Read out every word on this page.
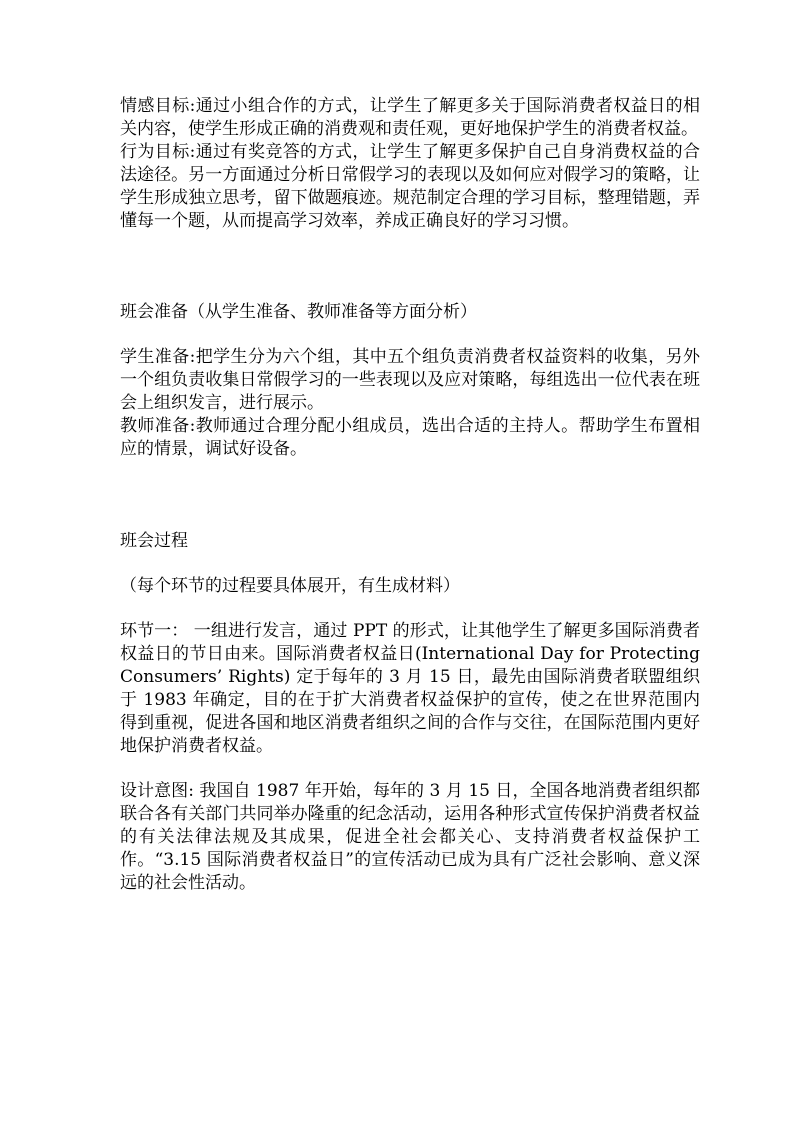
情感目标:通过小组合作的方式，让学生了解更多关于国际消费者权益日的相关内容，使学生形成正确的消费观和责任观，更好地保护学生的消费者权益。

行为目标:通过有奖竞答的方式，让学生了解更多保护自己自身消费权益的合法途径。另一方面通过分析日常假学习的表现以及如何应对假学习的策略，让学生形成独立思考，留下做题痕迹。规范制定合理的学习目标，整理错题，弄懂每一个题，从而提高学习效率，养成正确良好的学习习惯。

班会准备（从学生准备、教师准备等方面分析）

学生准备:把学生分为六个组，其中五个组负责消费者权益资料的收集，另外一个组负责收集日常假学习的一些表现以及应对策略，每组选出一位代表在班会上组织发言，进行展示。

教师准备:教师通过合理分配小组成员，选出合适的主持人。帮助学生布置相应的情景，调试好设备。

班会过程

（每个环节的过程要具体展开，有生成材料）

环节一： 一组进行发言，通过 PPT 的形式，让其他学生了解更多国际消费者权益日的节日由来。国际消费者权益日(International Day for Protecting Consumers’ Rights) 定于每年的 3 月 15 日，最先由国际消费者联盟组织于 1983 年确定，目的在于扩大消费者权益保护的宣传，使之在世界范围内得到重视，促进各国和地区消费者组织之间的合作与交往，在国际范围内更好地保护消费者权益。

设计意图: 我国自 1987 年开始，每年的 3 月 15 日，全国各地消费者组织都联合各有关部门共同举办隆重的纪念活动，运用各种形式宣传保护消费者权益的有关法律法规及其成果，促进全社会都关心、支持消费者权益保护工作。“3.15 国际消费者权益日”的宣传活动已成为具有广泛社会影响、意义深远的社会性活动。
